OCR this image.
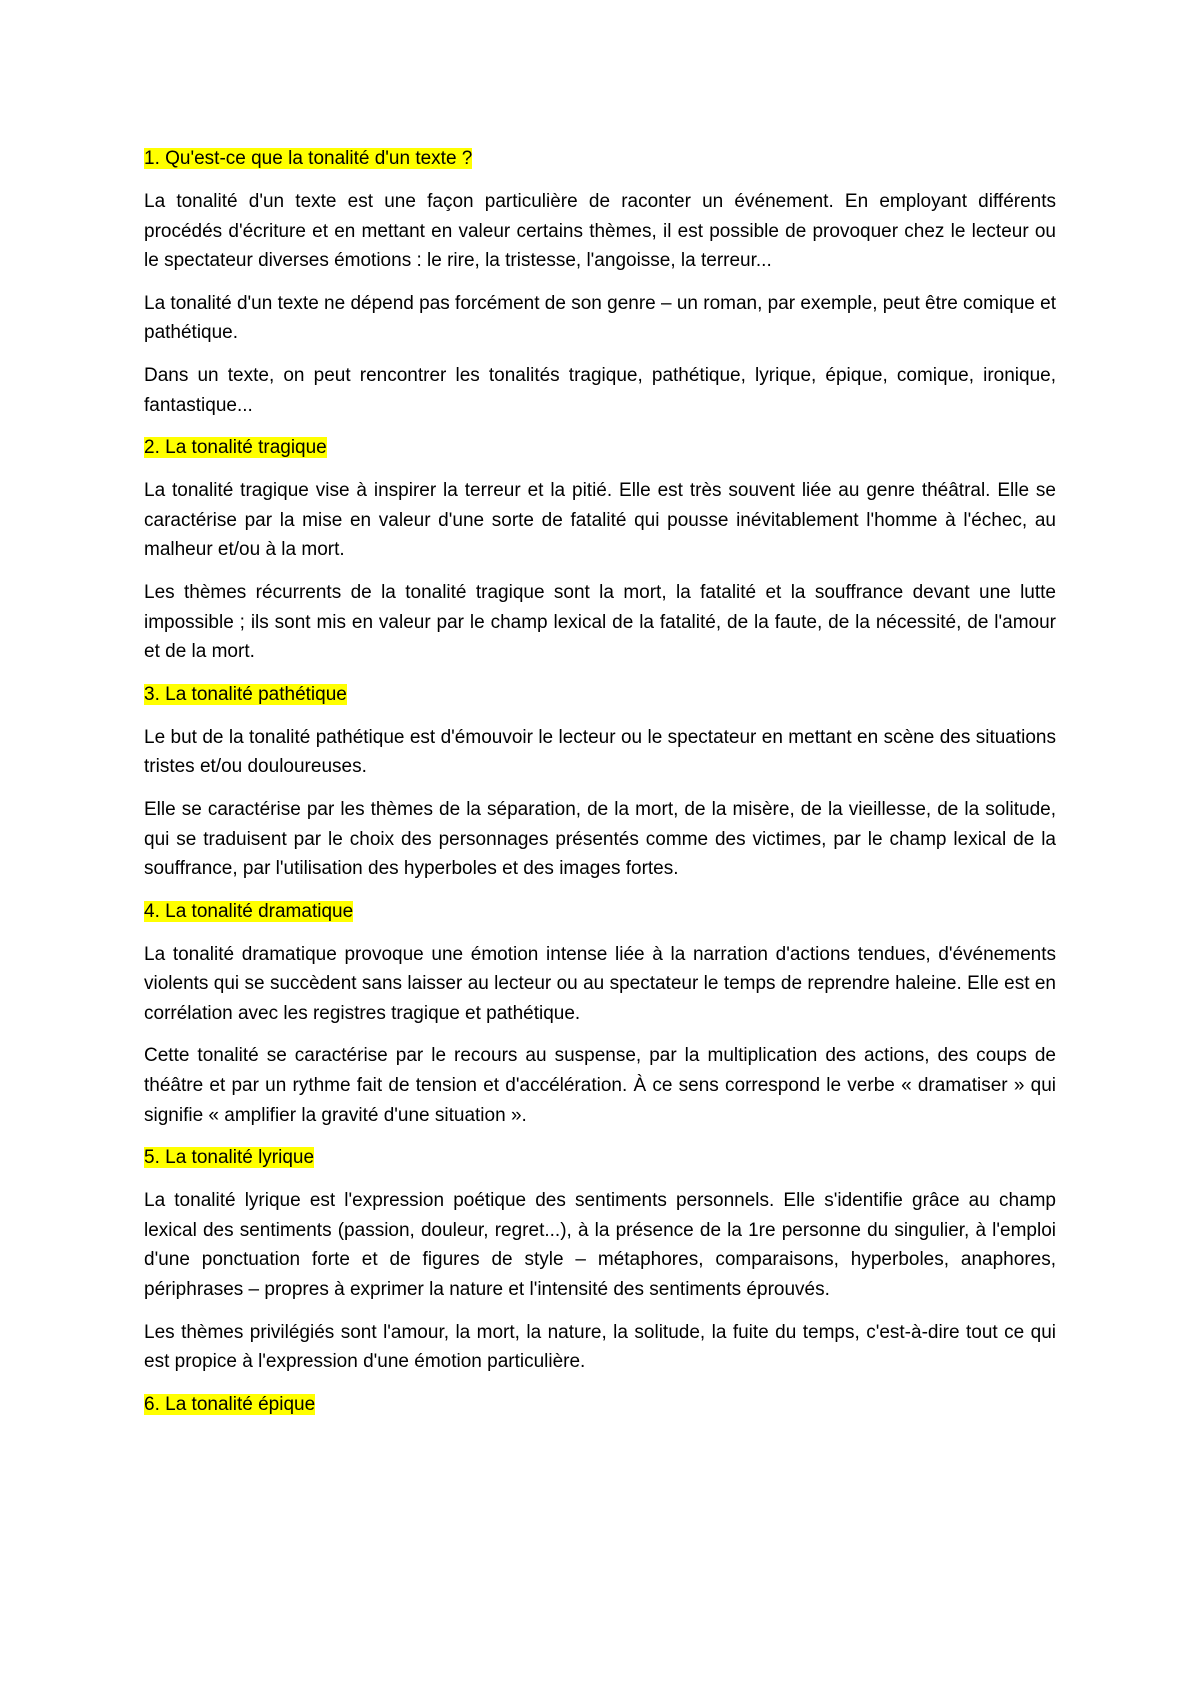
1. Qu'est-ce que la tonalité d'un texte ?

La tonalité d'un texte est une façon particulière de raconter un événement. En employant différents procédés d'écriture et en mettant en valeur certains thèmes, il est possible de provoquer chez le lecteur ou le spectateur diverses émotions : le rire, la tristesse, l'angoisse, la terreur...

La tonalité d'un texte ne dépend pas forcément de son genre – un roman, par exemple, peut être comique et pathétique.

Dans un texte, on peut rencontrer les tonalités tragique, pathétique, lyrique, épique, comique, ironique, fantastique...

2. La tonalité tragique

La tonalité tragique vise à inspirer la terreur et la pitié. Elle est très souvent liée au genre théâtral. Elle se caractérise par la mise en valeur d'une sorte de fatalité qui pousse inévitablement l'homme à l'échec, au malheur et/ou à la mort.

Les thèmes récurrents de la tonalité tragique sont la mort, la fatalité et la souffrance devant une lutte impossible ; ils sont mis en valeur par le champ lexical de la fatalité, de la faute, de la nécessité, de l'amour et de la mort.

3. La tonalité pathétique

Le but de la tonalité pathétique est d'émouvoir le lecteur ou le spectateur en mettant en scène des situations tristes et/ou douloureuses.

Elle se caractérise par les thèmes de la séparation, de la mort, de la misère, de la vieillesse, de la solitude, qui se traduisent par le choix des personnages présentés comme des victimes, par le champ lexical de la souffrance, par l'utilisation des hyperboles et des images fortes.

4. La tonalité dramatique

La tonalité dramatique provoque une émotion intense liée à la narration d'actions tendues, d'événements violents qui se succèdent sans laisser au lecteur ou au spectateur le temps de reprendre haleine. Elle est en corrélation avec les registres tragique et pathétique.

Cette tonalité se caractérise par le recours au suspense, par la multiplication des actions, des coups de théâtre et par un rythme fait de tension et d'accélération. À ce sens correspond le verbe « dramatiser » qui signifie « amplifier la gravité d'une situation ».

5. La tonalité lyrique

La tonalité lyrique est l'expression poétique des sentiments personnels. Elle s'identifie grâce au champ lexical des sentiments (passion, douleur, regret...), à la présence de la 1re personne du singulier, à l'emploi d'une ponctuation forte et de figures de style – métaphores, comparaisons, hyperboles, anaphores, périphrases – propres à exprimer la nature et l'intensité des sentiments éprouvés.

Les thèmes privilégiés sont l'amour, la mort, la nature, la solitude, la fuite du temps, c'est-à-dire tout ce qui est propice à l'expression d'une émotion particulière.

6. La tonalité épique
